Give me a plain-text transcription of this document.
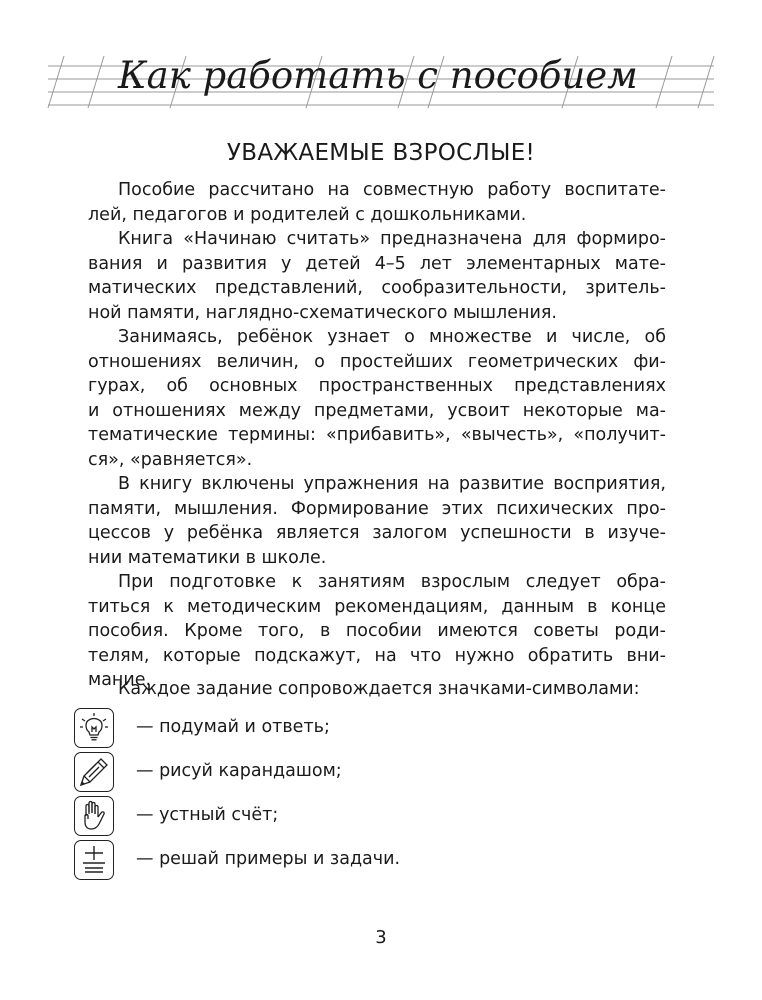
Как работать с пособием
УВАЖАЕМЫЕ ВЗРОСЛЫЕ!

Пособие рассчитано на совместную работу воспитате-
лей, педагогов и родителей с дошкольниками.

Книга «Начинаю считать» предназначена для формиро-
вания и развития у детей 4–5 лет элементарных мате-
матических представлений, сообразительности, зритель-
ной памяти, наглядно-схематического мышления.

Занимаясь, ребёнок узнает о множестве и числе, об
отношениях величин, о простейших геометрических фи-
гурах, об основных пространственных представлениях
и отношениях между предметами, усвоит некоторые ма-
тематические термины: «прибавить», «вычесть», «получит-
ся», «равняется».

В книгу включены упражнения на развитие восприятия,
памяти, мышления. Формирование этих психических про-
цессов у ребёнка является залогом успешности в изуче-
нии математики в школе.

При подготовке к занятиям взрослым следует обра-
титься к методическим рекомендациям, данным в конце
пособия. Кроме того, в пособии имеются советы роди-
телям, которые подскажут, на что нужно обратить вни-
мание.

Каждое задание сопровождается значками-символами:

— подумай и ответь;
— рисуй карандашом;
— устный счёт;
— решай примеры и задачи.

3
